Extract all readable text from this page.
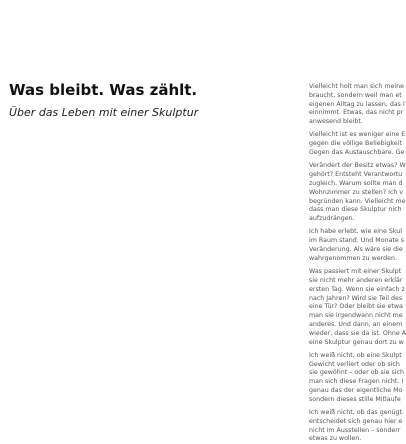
Was bleibt. Was zählt.

Über das Leben mit einer Skulptur

Vielleicht holt man sich meine
braucht, sondern weil man et
eigenen Alltag zu lassen, das l
einnimmt. Etwas, das nicht pr
anwesend bleibt.
Vielleicht ist es weniger eine E
gegen die völlige Beliebigkeit
Gegen das Austauschbare. Ge
Verändert der Besitz etwas? W
gehört? Entsteht Verantwortu
zugleich. Warum sollte man d
Wohnzimmer zu stellen? Ich v
begründen kann. Vielleicht me
dass man diese Skulptur nich
aufzudrängen.
Ich habe erlebt, wie eine Skul
im Raum stand. Und Monate s
Veränderung. Als wäre sie die
wahrgenommen zu werden.
Was passiert mit einer Skulpt
sie nicht mehr anderen erklär
ersten Tag. Wenn sie einfach z
nach Jahren? Wird sie Teil des
eine Tür? Oder bleibt sie etwa
man sie irgendwann nicht me
anderes. Und dann, an einem
wieder, dass sie da ist. Ohne A
eine Skulptur genau dort zu w
Ich weiß nicht, ob eine Skulpt
Gewicht verliert oder ob sich
sie gewöhnt – oder ob sie sich
man sich diese Fragen nicht. I
genau das der eigentliche Mo
sondern dieses stille Mitlaufe
Ich weiß nicht, ob das genügt.
entscheidet sich genau hier e
nicht im Ausstellen – sonderr
etwas zu wollen.
